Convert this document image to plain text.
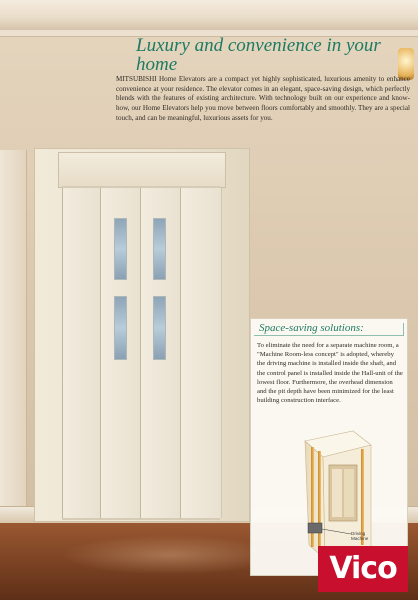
Luxury and convenience in your home

MITSUBISHI Home Elevators are a compact yet highly sophisticated, luxurious amenity to enhance convenience at your residence. The elevator comes in an elegant, space-saving design, which perfectly blends with the features of existing architecture. With technology built on our experience and know-how, our Home Elevators help you move between floors comfortably and smoothly. They are a special touch, and can be meaningful, luxurious assets for you.

Space-saving solutions:

To eliminate the need for a separate machine room, a "Machine Room-less concept" is adopted, whereby the driving machine is installed inside the shaft, and the control panel is installed inside the Hall-unit of the lowest floor. Furthermore, the overhead dimension and the pit depth have been minimized for the least building construction interface.

Driving Machine

Vico
